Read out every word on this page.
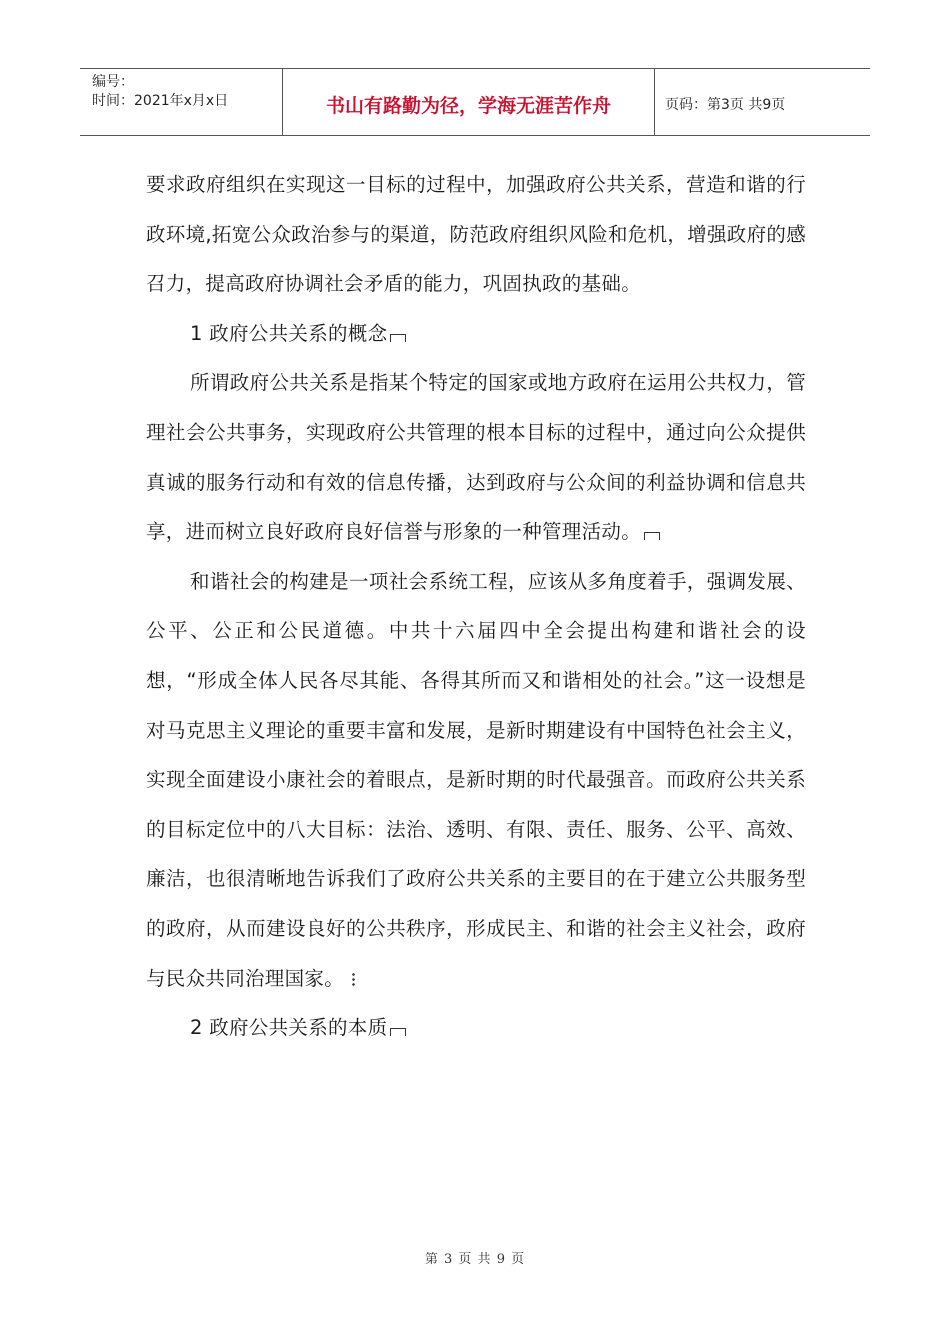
编号：
时间：2021年x月x日	书山有路勤为径，学海无涯苦作舟	页码：第3页 共9页

要求政府组织在实现这一目标的过程中，加强政府公共关系，营造和谐的行政环境,拓宽公众政治参与的渠道，防范政府组织风险和危机，增强政府的感召力，提高政府协调社会矛盾的能力，巩固执政的基础。

1 政府公共关系的概念

所谓政府公共关系是指某个特定的国家或地方政府在运用公共权力，管理社会公共事务，实现政府公共管理的根本目标的过程中，通过向公众提供真诚的服务行动和有效的信息传播，达到政府与公众间的利益协调和信息共享，进而树立良好政府良好信誉与形象的一种管理活动。

和谐社会的构建是一项社会系统工程，应该从多角度着手，强调发展、公平、公正和公民道德。中共十六届四中全会提出构建和谐社会的设想，“形成全体人民各尽其能、各得其所而又和谐相处的社会。”这一设想是对马克思主义理论的重要丰富和发展，是新时期建设有中国特色社会主义，实现全面建设小康社会的着眼点，是新时期的时代最强音。而政府公共关系的目标定位中的八大目标：法治、透明、有限、责任、服务、公平、高效、廉洁，也很清晰地告诉我们了政府公共关系的主要目的在于建立公共服务型的政府，从而建设良好的公共秩序，形成民主、和谐的社会主义社会，政府与民众共同治理国家。

2 政府公共关系的本质

第 3 页 共 9 页
